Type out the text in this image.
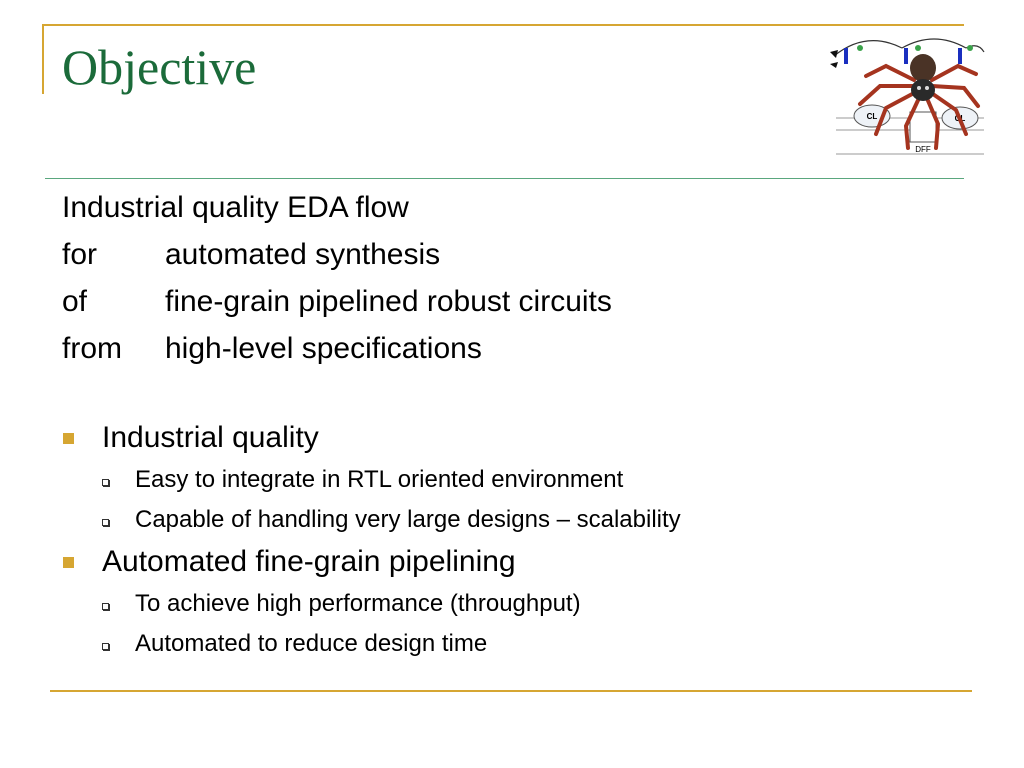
Objective
CL	CL
DFF
Industrial quality EDA flow
for	automated synthesis
of	fine-grain pipelined robust circuits
from	high-level specifications
Industrial quality
Easy to integrate in RTL oriented environment
Capable of handling very large designs – scalability
Automated fine-grain pipelining
To achieve high performance (throughput)
Automated to reduce design time
